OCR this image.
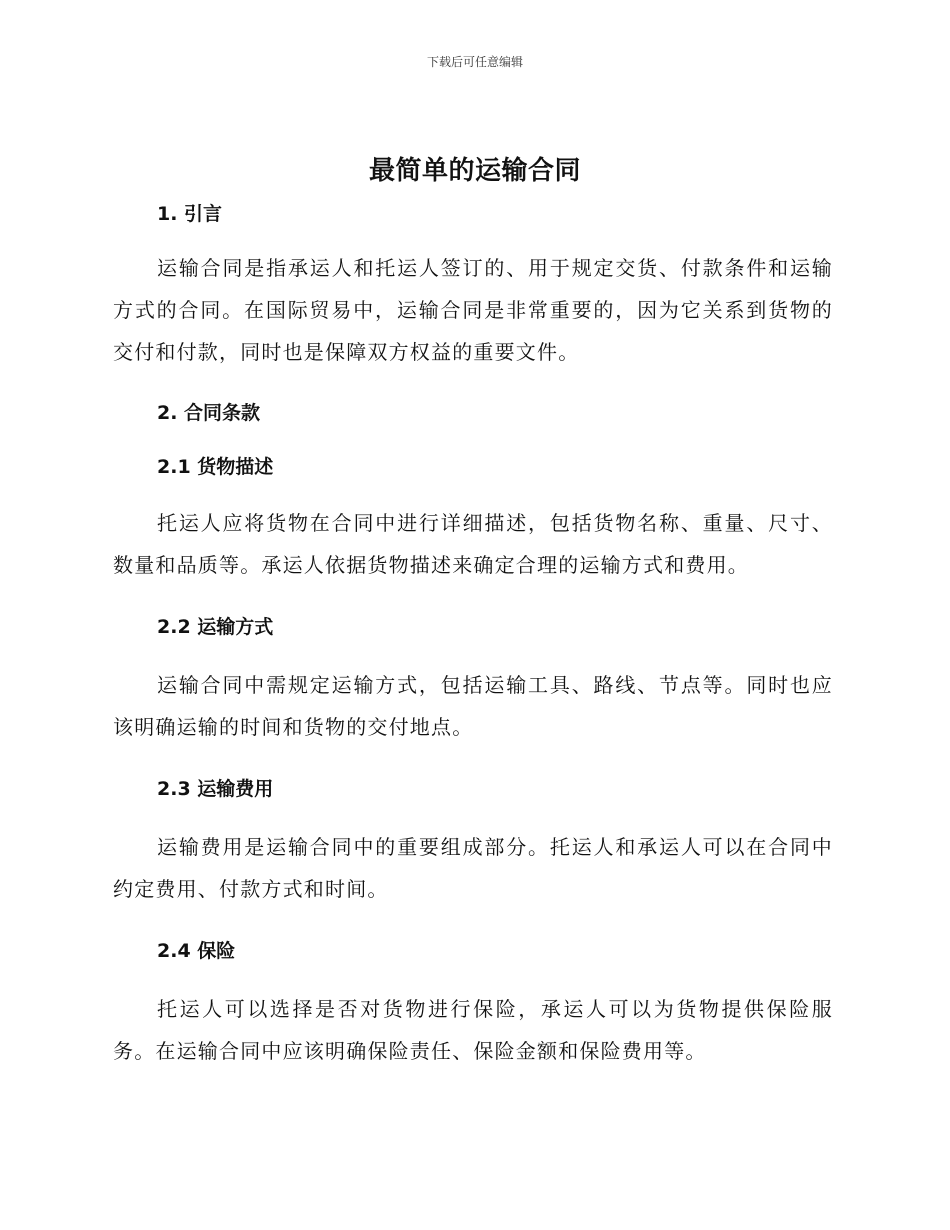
下载后可任意编辑
最简单的运输合同
1. 引言

运输合同是指承运人和托运人签订的、用于规定交货、付款条件和运输方式的合同。在国际贸易中，运输合同是非常重要的，因为它关系到货物的交付和付款，同时也是保障双方权益的重要文件。

2. 合同条款
2.1 货物描述

托运人应将货物在合同中进行详细描述，包括货物名称、重量、尺寸、数量和品质等。承运人依据货物描述来确定合理的运输方式和费用。

2.2 运输方式

运输合同中需规定运输方式，包括运输工具、路线、节点等。同时也应该明确运输的时间和货物的交付地点。

2.3 运输费用

运输费用是运输合同中的重要组成部分。托运人和承运人可以在合同中约定费用、付款方式和时间。

2.4 保险

托运人可以选择是否对货物进行保险，承运人可以为货物提供保险服务。在运输合同中应该明确保险责任、保险金额和保险费用等。
